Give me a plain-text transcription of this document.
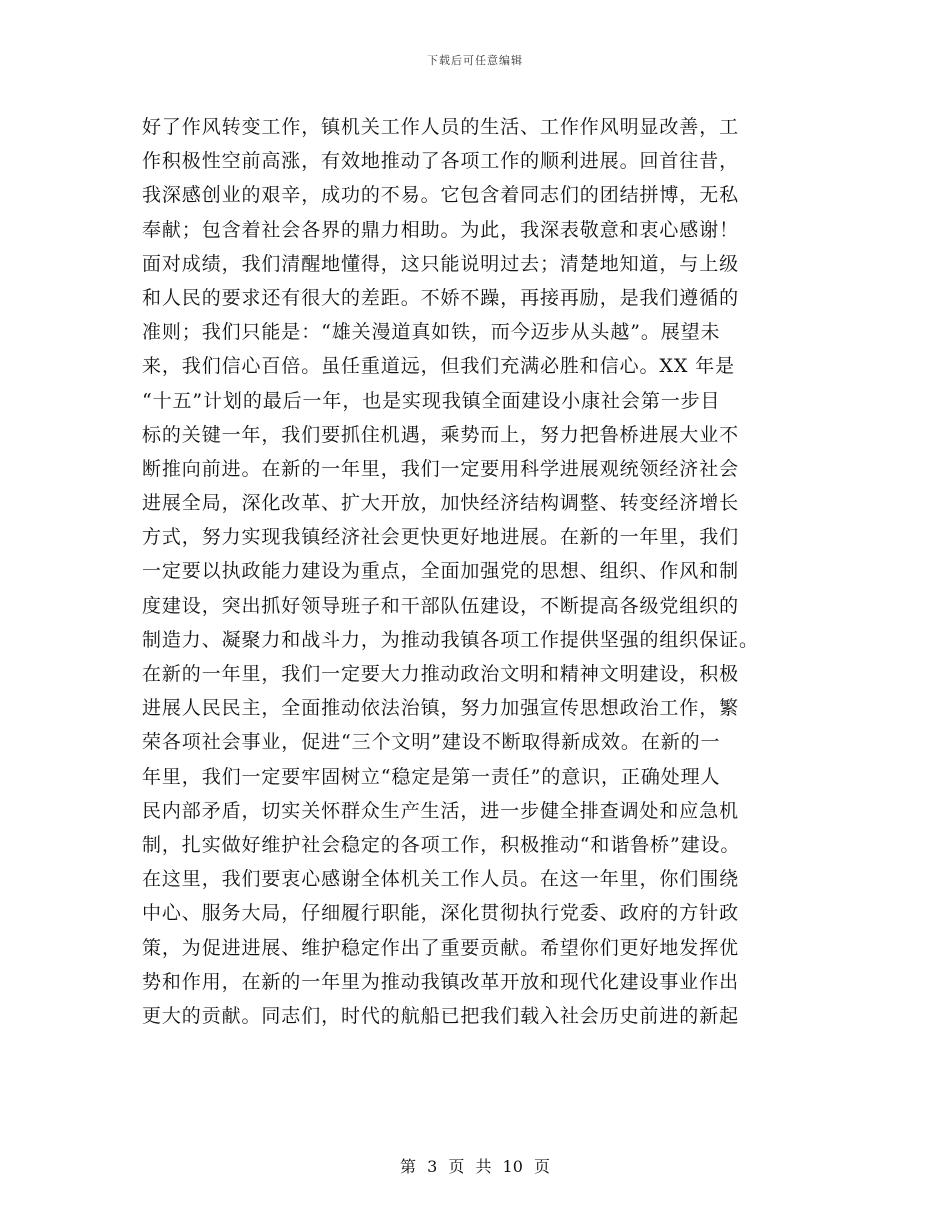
下载后可任意编辑
好了作风转变工作，镇机关工作人员的生活、工作作风明显改善，工
作积极性空前高涨，有效地推动了各项工作的顺利进展。回首往昔，
我深感创业的艰辛，成功的不易。它包含着同志们的团结拼博，无私
奉献；包含着社会各界的鼎力相助。为此，我深表敬意和衷心感谢！
面对成绩，我们清醒地懂得，这只能说明过去；清楚地知道，与上级
和人民的要求还有很大的差距。不娇不躁，再接再励，是我们遵循的
准则；我们只能是：“雄关漫道真如铁，而今迈步从头越”。展望未
来，我们信心百倍。虽任重道远，但我们充满必胜和信心。XX 年是
“十五”计划的最后一年，也是实现我镇全面建设小康社会第一步目
标的关键一年，我们要抓住机遇，乘势而上，努力把鲁桥进展大业不
断推向前进。在新的一年里，我们一定要用科学进展观统领经济社会
进展全局，深化改革、扩大开放，加快经济结构调整、转变经济增长
方式，努力实现我镇经济社会更快更好地进展。在新的一年里，我们
一定要以执政能力建设为重点，全面加强党的思想、组织、作风和制
度建设，突出抓好领导班子和干部队伍建设，不断提高各级党组织的
制造力、凝聚力和战斗力，为推动我镇各项工作提供坚强的组织保证。
在新的一年里，我们一定要大力推动政治文明和精神文明建设，积极
进展人民民主，全面推动依法治镇，努力加强宣传思想政治工作，繁
荣各项社会事业，促进“三个文明”建设不断取得新成效。在新的一
年里，我们一定要牢固树立“稳定是第一责任”的意识，正确处理人
民内部矛盾，切实关怀群众生产生活，进一步健全排查调处和应急机
制，扎实做好维护社会稳定的各项工作，积极推动“和谐鲁桥”建设。
在这里，我们要衷心感谢全体机关工作人员。在这一年里，你们围绕
中心、服务大局，仔细履行职能，深化贯彻执行党委、政府的方针政
策，为促进进展、维护稳定作出了重要贡献。希望你们更好地发挥优
势和作用，在新的一年里为推动我镇改革开放和现代化建设事业作出
更大的贡献。同志们，时代的航船已把我们载入社会历史前进的新起
第 3 页 共 10 页
